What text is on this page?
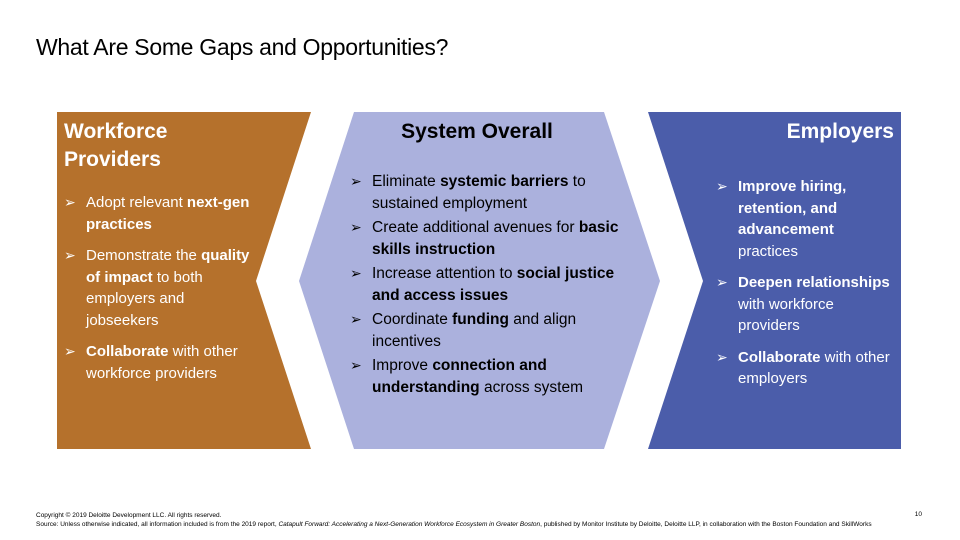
What Are Some Gaps and Opportunities?
Workforce
Providers
➢ Adopt relevant next-gen practices
➢ Demonstrate the quality of impact to both employers and jobseekers
➢ Collaborate with other workforce providers
System Overall
➢ Eliminate systemic barriers to sustained employment
➢ Create additional avenues for basic skills instruction
➢ Increase attention to social justice and access issues
➢ Coordinate funding and align incentives
➢ Improve connection and understanding across system
Employers
➢ Improve hiring, retention, and advancement practices
➢ Deepen relationships with workforce providers
➢ Collaborate with other employers
Copyright © 2019 Deloitte Development LLC. All rights reserved.
Source: Unless otherwise indicated, all information included is from the 2019 report, Catapult Forward: Accelerating a Next-Generation Workforce Ecosystem in Greater Boston, published by Monitor Institute by Deloitte, Deloitte LLP, in collaboration with the Boston Foundation and SkillWorks
10
